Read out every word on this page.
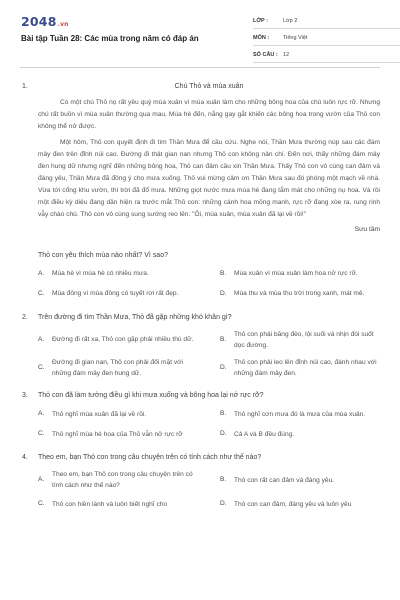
2048.vn
Bài tập Tuần 28: Các mùa trong năm có đáp án
LỚP :	Lớp 2
MÔN :	Tiếng Việt
SỐ CÂU : 12
1.	Chú Thỏ và mùa xuân

Có một chú Thỏ nọ rất yêu quý mùa xuân vì mùa xuân làm cho những bông hoa của chú luôn rực rỡ. Nhưng chú rất buồn vì mùa xuân thường qua mau. Mùa hè đến, nắng gay gắt khiến các bông hoa trong vườn của Thỏ con không thể nở được.

Một hôm, Thỏ con quyết định đi tìm Thần Mưa để cầu cứu. Nghe nói, Thần Mưa thường núp sau các đám mây đen trên đỉnh núi cao. Đường đi thật gian nan nhưng Thỏ con không nản chí. Đến nơi, thấy những đám mây đen hung dữ nhưng nghĩ đến những bông hoa, Thỏ can đảm cầu xin Thần Mưa. Thấy Thỏ con vô cùng can đảm và đáng yêu, Thần Mưa đã đồng ý cho mưa xuống. Thỏ vui mừng cảm ơn Thần Mưa sau đó phóng một mạch về nhà. Vừa tới cổng khu vườn, thì trời đã đổ mưa. Những giọt nước mưa mùa hè đang tắm mát cho những nụ hoa. Và rồi một điều kỳ diệu đang dần hiện ra trước mắt Thỏ con: những cánh hoa mỏng manh, rực rỡ đang xòe ra, rung rinh vẫy chào chú. Thỏ con vô cùng sung sướng reo lên: "Ôi, mùa xuân, mùa xuân đã lại về rồi!"

Sưu tầm
Thỏ con yêu thích mùa nào nhất? Vì sao?
A.	Mùa hè vì mùa hè có nhiều mưa.	B.	Mùa xuân vì mùa xuân làm hoa nở rực rỡ.
C.	Mùa đông vì mùa đông có tuyết rơi rất đẹp.	D.	Mùa thu và mùa thu trời trong xanh, mát mẻ.
2. Trên đường đi tìm Thần Mưa, Thỏ đã gặp những khó khăn gì?
A.	Đường đi rất xa, Thỏ con gặp phải nhiều thú dữ.	B.
Thỏ con phải băng đèo, lội suối và nhịn đói suốt dọc đường.
C.
Đường đi gian nan, Thỏ con phải đối mặt với những đám mây đen hung dữ.
D.
Thỏ con phải leo lên đỉnh núi cao, đánh nhau với những đám mây đen.
3. Thỏ con đã làm tưởng điều gì khi mưa xuống và bông hoa lại nở rực rỡ?
A.	Thỏ nghĩ mùa xuân đã lại về rồi.	B.	Thỏ nghĩ cơn mưa đó là mưa của mùa xuân.
C.	Thỏ nghĩ mùa hè hoa của Thỏ vẫn nở rực rỡ	D.	Cả A và B đều đúng.
4. Theo em, bạn Thỏ con trong câu chuyện trên có tính cách như thế nào?
A.
Theo em, bạn Thỏ con trong câu chuyện trên có tính cách như thế nào?
B.	Thỏ con rất can đảm và đáng yêu.
C.	Thỏ con hiền lành và luôn biết nghĩ cho	D.	Thỏ con can đảm, đáng yêu và luôn yêu
